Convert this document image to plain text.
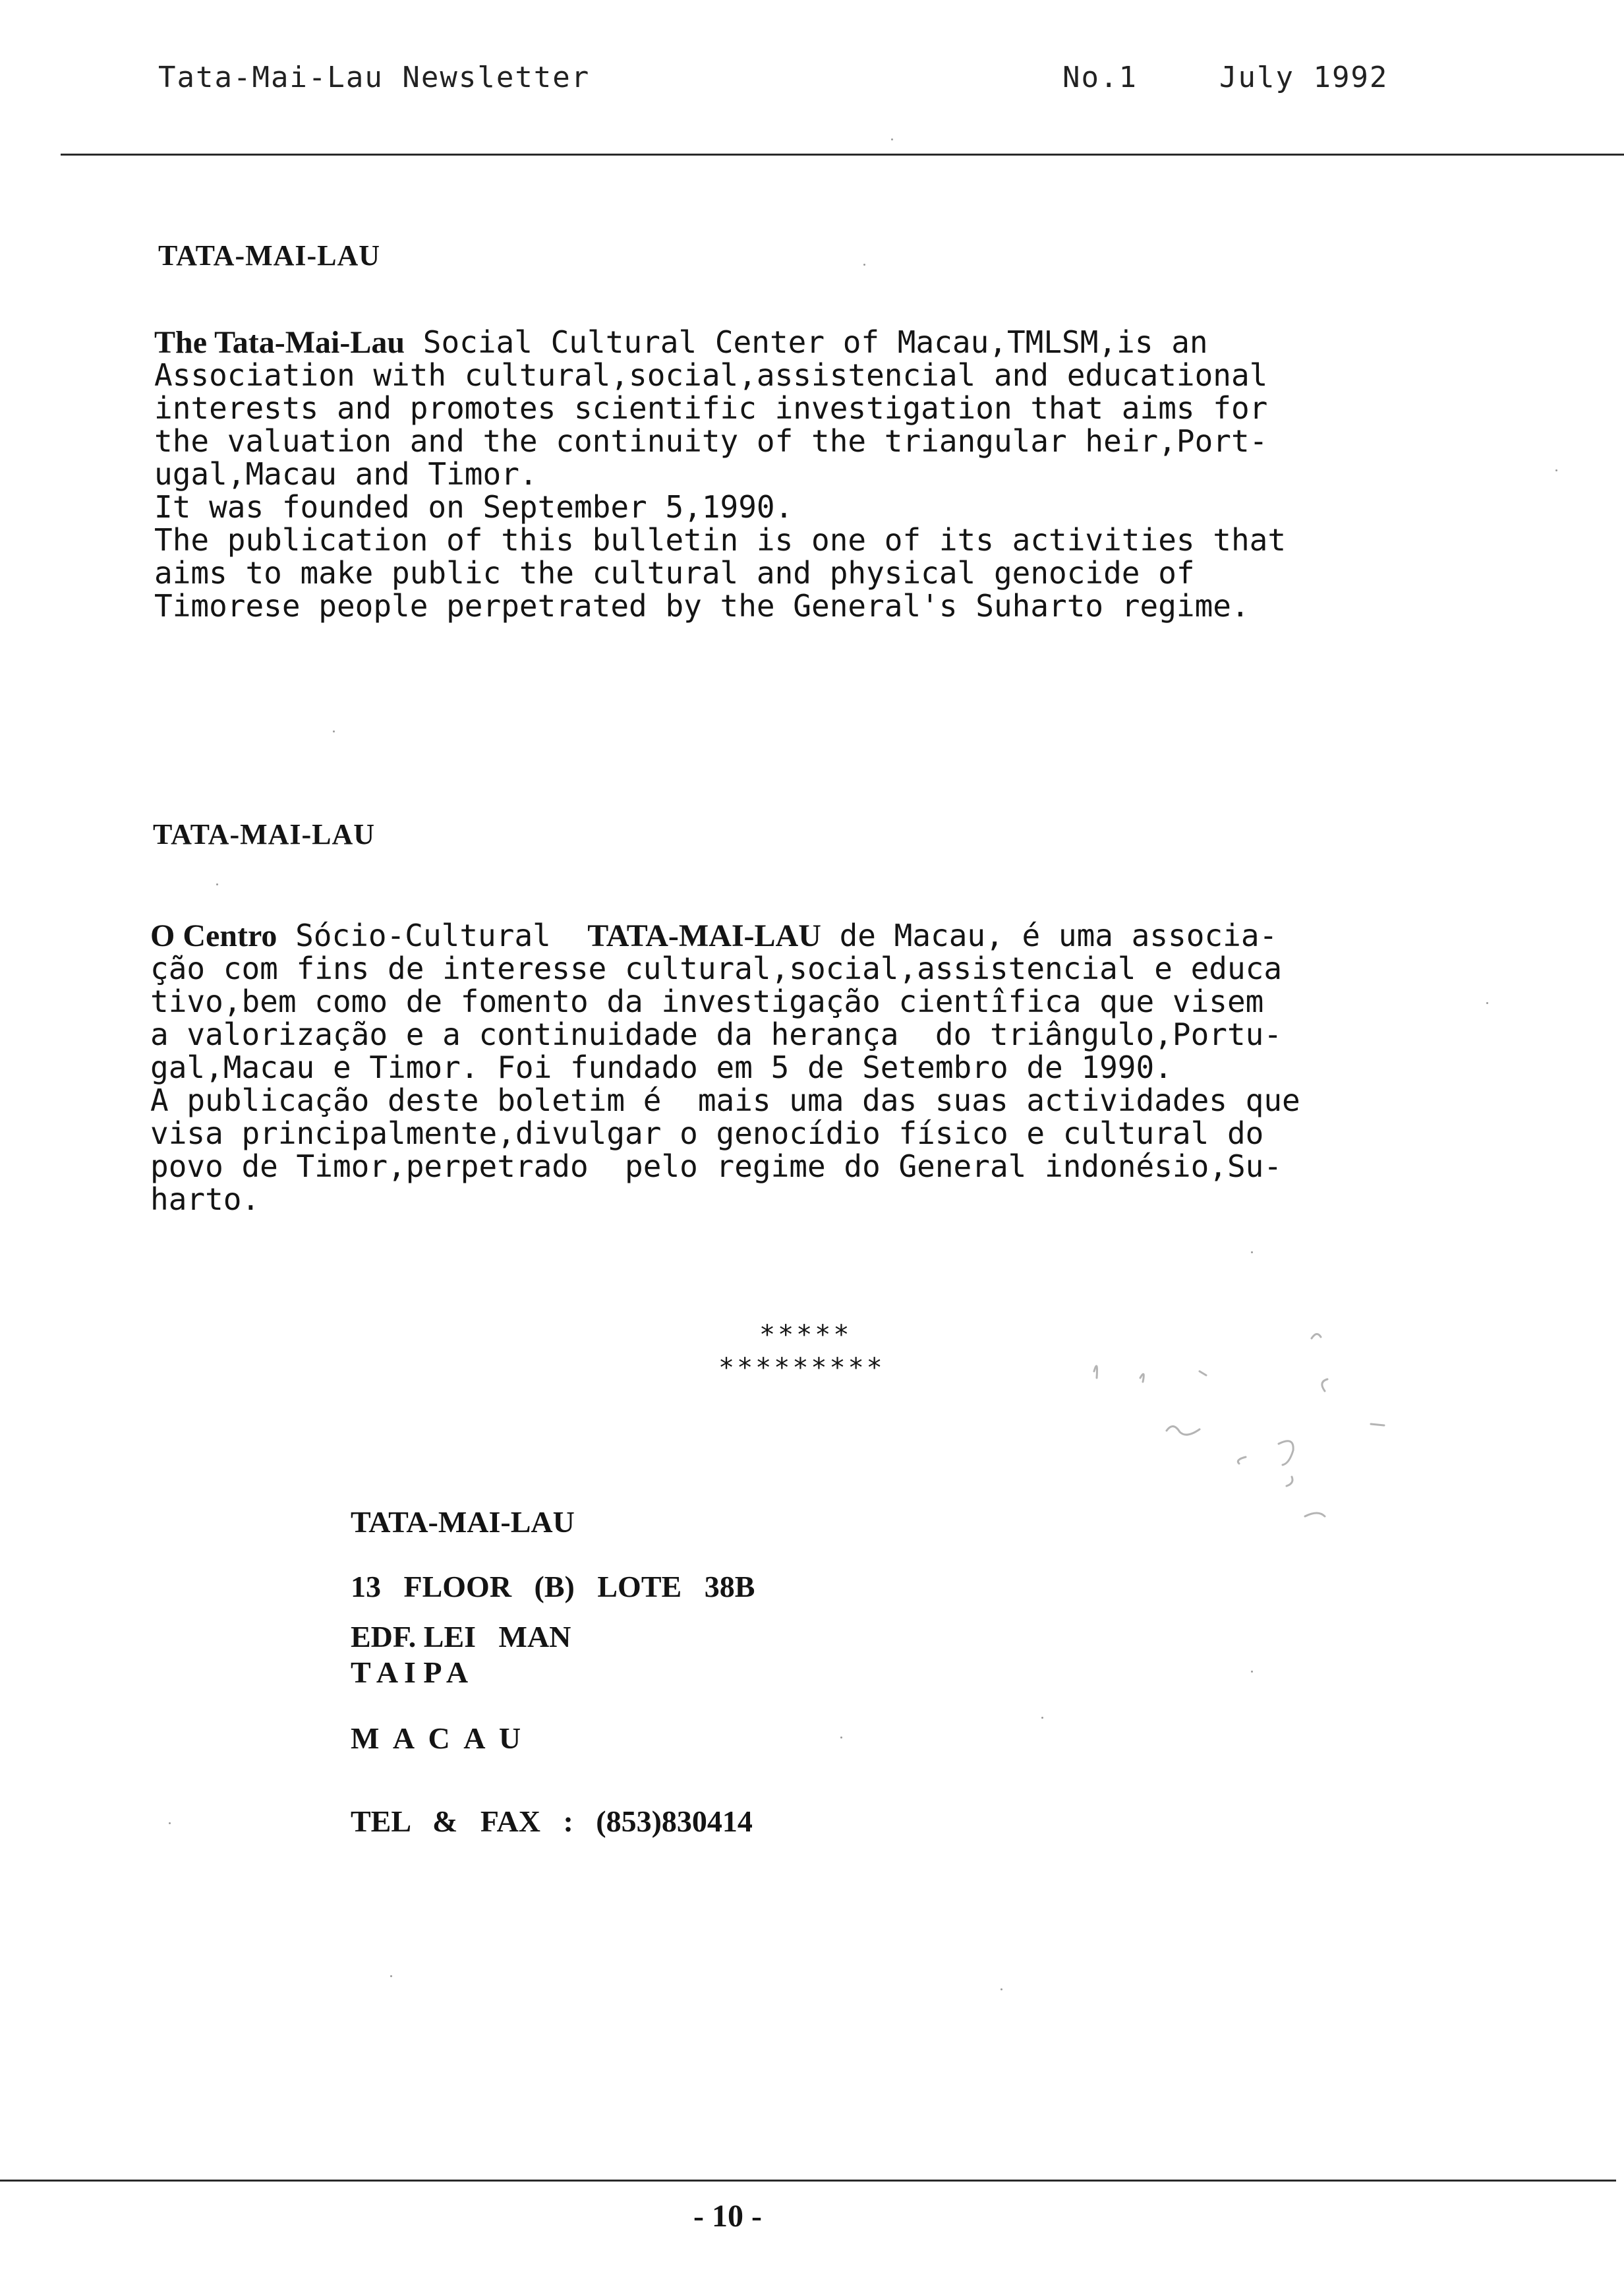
Tata-Mai-Lau Newsletter	No.1	July 1992
TATA-MAI-LAU
The Tata-Mai-Lau Social Cultural Center of Macau,TMLSM,is an
Association with cultural,social,assistencial and educational
interests and promotes scientific investigation that aims for
the valuation and the continuity of the triangular heir,Port-
ugal,Macau and Timor.
It was founded on September 5,1990.
The publication of this bulletin is one of its activities that
aims to make public the cultural and physical genocide of
Timorese people perpetrated by the General's Suharto regime.
TATA-MAI-LAU
O Centro Sócio-Cultural  TATA-MAI-LAU de Macau, é uma associa-
ção com fins de interesse cultural,social,assistencial e educa
tivo,bem como de fomento da investigação cientîfica que visem
a valorização e a continuidade da herança  do triângulo,Portu-
gal,Macau e Timor. Foi fundado em 5 de Setembro de 1990.
A publicação deste boletim é  mais uma das suas actividades que
visa principalmente,divulgar o genocídio físico e cultural do
povo de Timor,perpetrado  pelo regime do General indonésio,Su-
harto.
*****
*********
TATA-MAI-LAU
13   FLOOR   (B)   LOTE   38B
EDF. LEI   MAN
T A I P A
M  A  C  A  U
TEL   &   FAX   :   (853)830414
- 10 -
